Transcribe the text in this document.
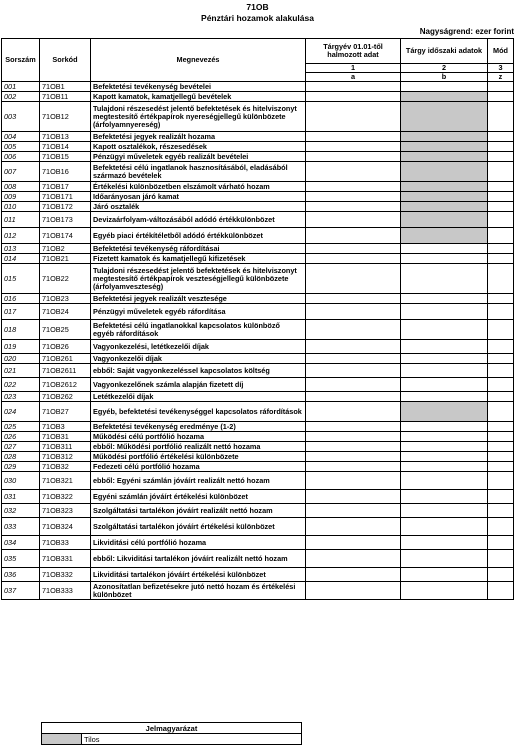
71OB
Pénztári hozamok alakulása
Nagyságrend: ezer forint
Sorszám	Sorkód	Megnevezés	Tárgyév 01.01-től halmozott adat	Tárgy időszaki adatok	Mód
			1	2	3
			a	b	z
001	71OB1	Befektetési tevékenység bevételei			
002	71OB11	Kapott kamatok, kamatjellegű bevételek			
003	71OB12	Tulajdoni részesedést jelentő befektetések és hitelviszonyt megtestesítő értékpapírok nyereségjellegű különbözete (árfolyamnyereség)			
004	71OB13	Befektetési jegyek realizált hozama			
005	71OB14	Kapott osztalékok, részesedések			
006	71OB15	Pénzügyi műveletek egyéb realizált bevételei			
007	71OB16	Befektetési célú ingatlanok hasznosításából, eladásából származó bevételek			
008	71OB17	Értékelési különbözetben elszámolt várható hozam			
009	71OB171	Időarányosan járó kamat			
010	71OB172	Járó osztalék			
011	71OB173	Devizaárfolyam-változásából adódó értékkülönbözet			
012	71OB174	Egyéb piaci értékítéletből adódó értékkülönbözet			
013	71OB2	Befektetési tevékenység ráfordításai			
014	71OB21	Fizetett kamatok és kamatjellegű kifizetések			
015	71OB22	Tulajdoni részesedést jelentő befektetések és hitelviszonyt megtestesítő értékpapírok veszteségjellegű különbözete (árfolyamveszteség)			
016	71OB23	Befektetési jegyek realizált vesztesége			
017	71OB24	Pénzügyi műveletek egyéb ráfordítása			
018	71OB25	Befektetési célú ingatlanokkal kapcsolatos különböző egyéb ráfordítások			
019	71OB26	Vagyonkezelési, letétkezelői díjak			
020	71OB261	Vagyonkezelői díjak			
021	71OB2611	ebből: Saját vagyonkezeléssel kapcsolatos költség			
022	71OB2612	Vagyonkezelőnek számla alapján fizetett díj			
023	71OB262	Letétkezelői díjak			
024	71OB27	Egyéb, befektetési tevékenységgel kapcsolatos ráfordítások			
025	71OB3	Befektetési tevékenység eredménye (1-2)			
026	71OB31	Működési célú portfólió hozama			
027	71OB311	ebből: Működési portfólió realizált nettó hozama			
028	71OB312	Működési portfólió értékelési különbözete			
029	71OB32	Fedezeti célú portfólió hozama			
030	71OB321	ebből: Egyéni számlán jóváírt realizált nettó hozam			
031	71OB322	Egyéni számlán jóváírt értékelési különbözet			
032	71OB323	Szolgáltatási tartalékon jóváírt realizált nettó hozam			
033	71OB324	Szolgáltatási tartalékon jóváírt értékelési különbözet			
034	71OB33	Likviditási célú portfólió hozama			
035	71OB331	ebből: Likviditási tartalékon jóváírt realizált nettó hozam			
036	71OB332	Likviditási tartalékon jóváírt értékelési különbözet			
037	71OB333	Azonosítatlan befizetésekre jutó nettó hozam és értékelési különbözet			
Jelmagyarázat
	Tilos
